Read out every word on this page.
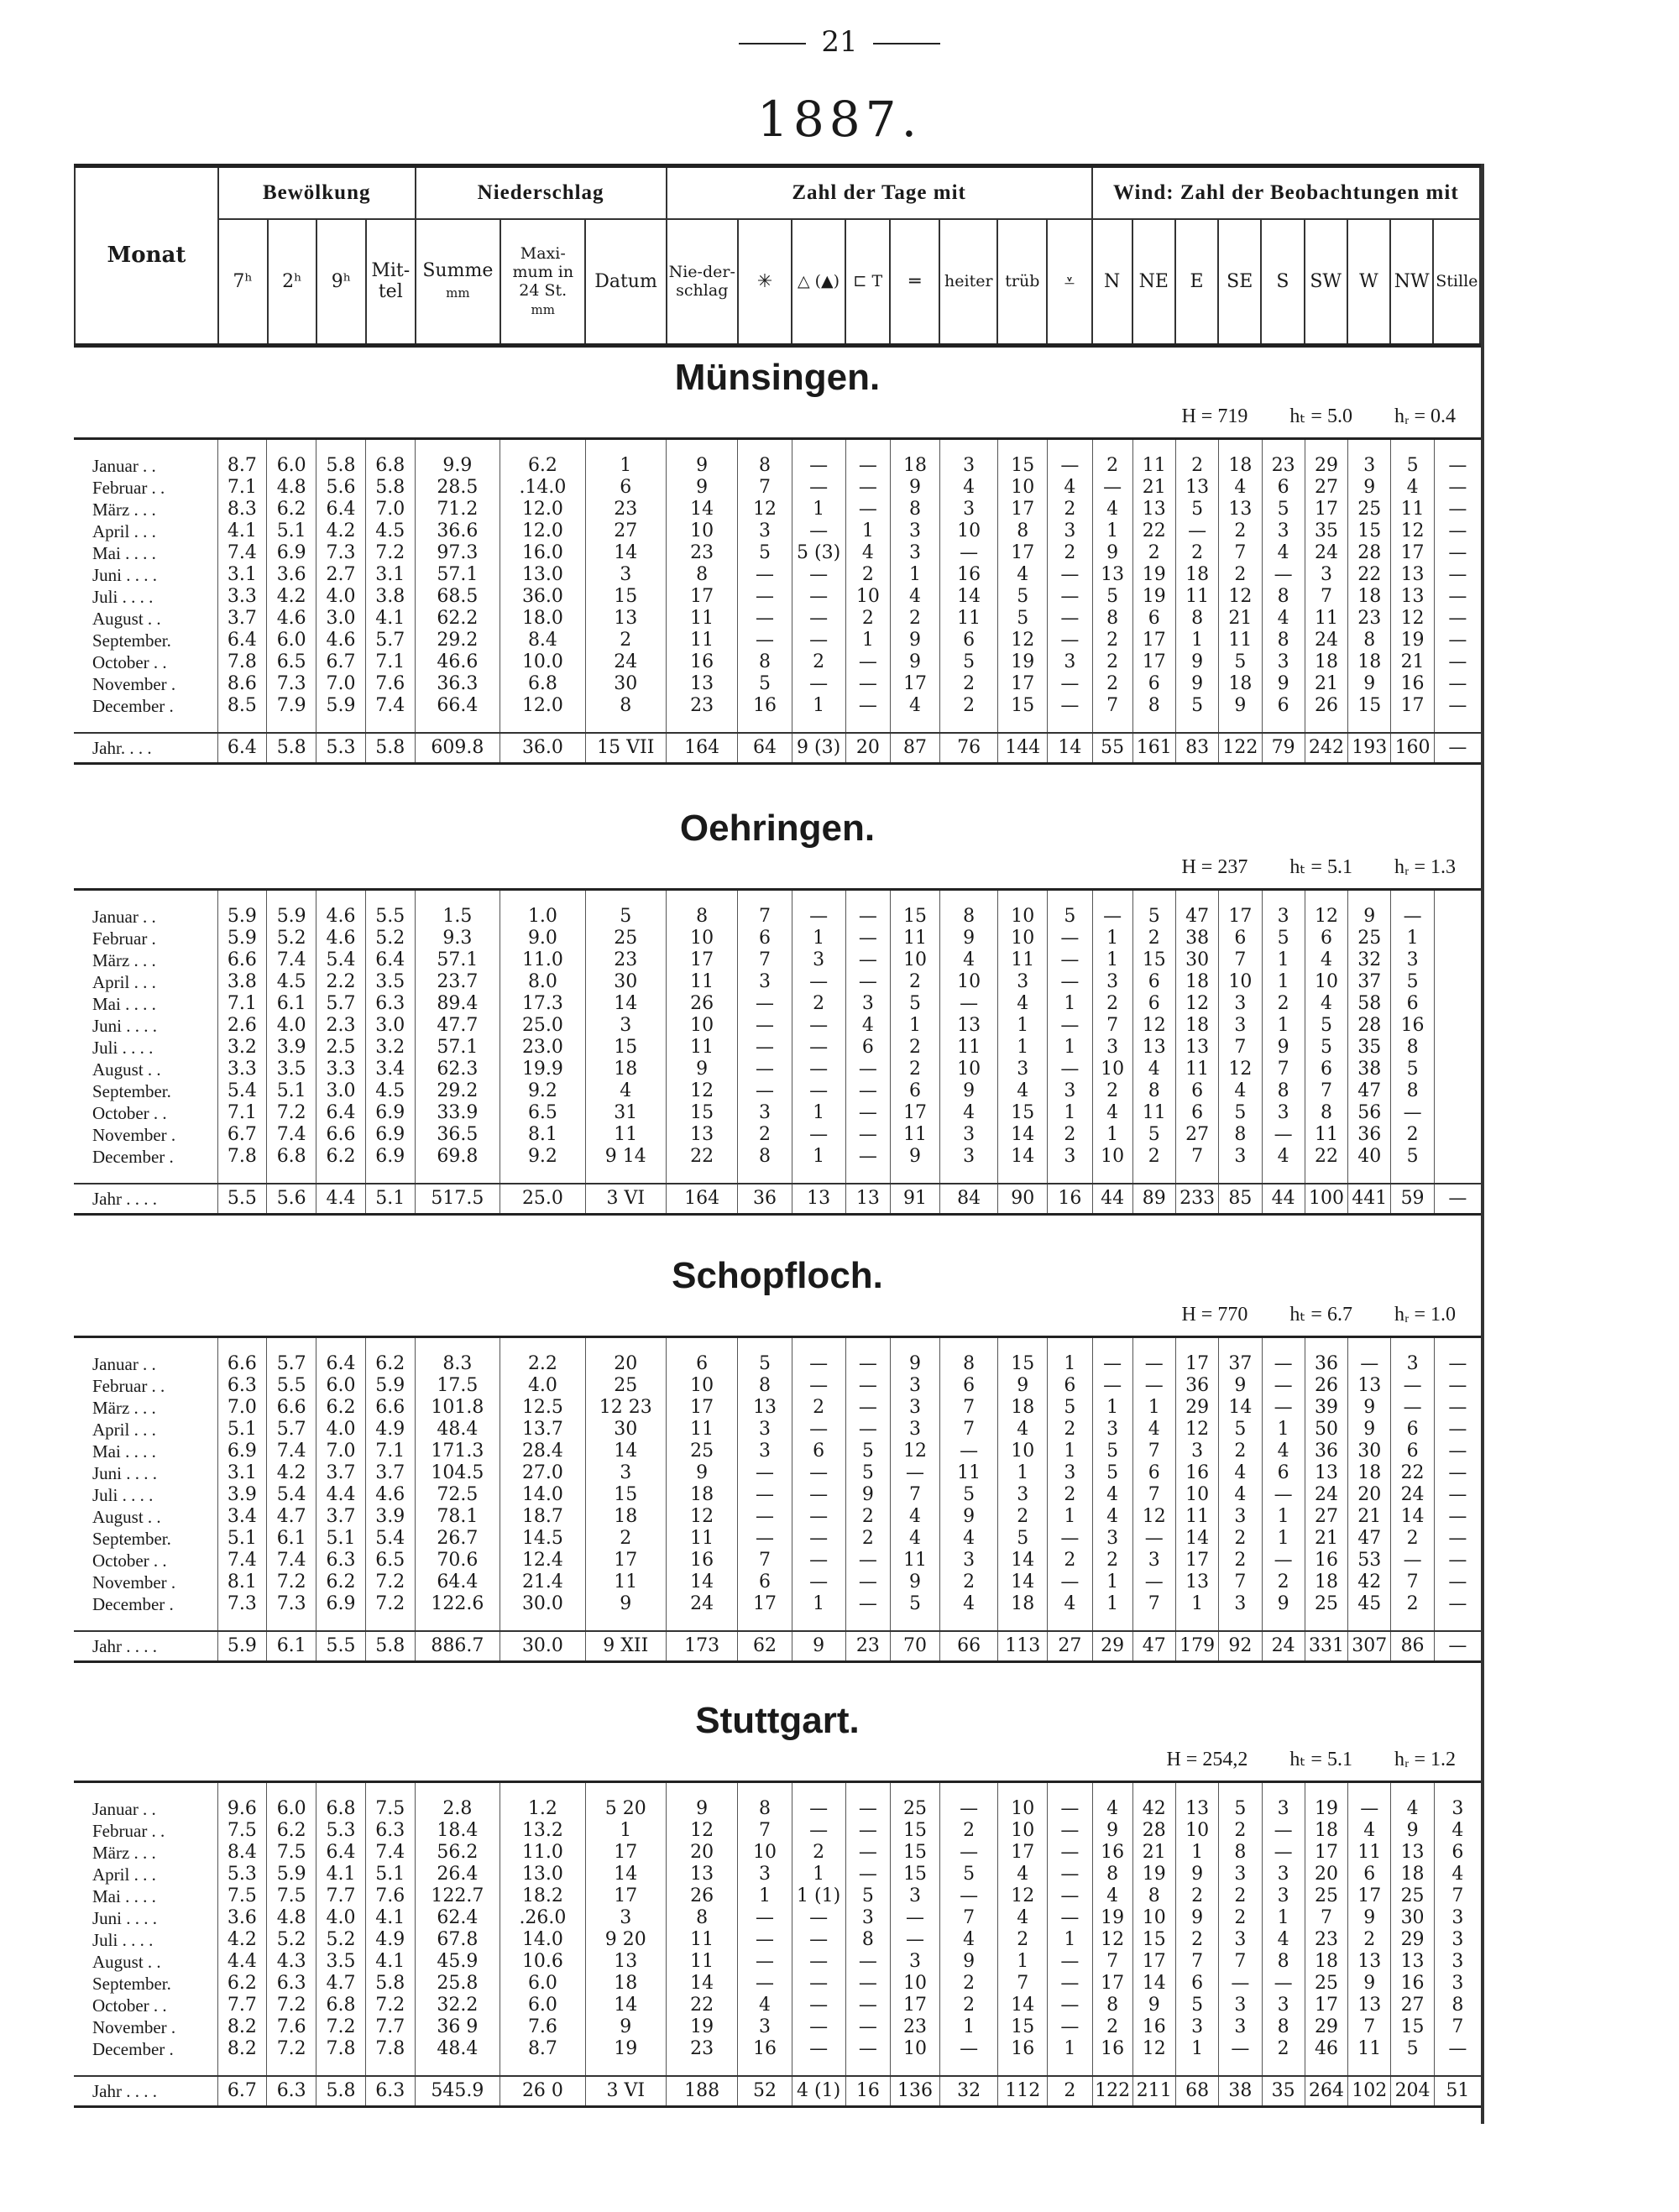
21
1887.
Monat	Bewölkung				Niederschlag			Zahl der Tage mit								Wind: Zahl der Beobachtungen mit								
	7ʰ	2ʰ	9ʰ	Mit-tel	Summe
mm	Maxi-mum in 24 St.
mm	Datum	Nie-der-schlag	✳	△ (▲)	⊏ T	═	heiter	trüb	⩡	N	NE	E	SE	S	SW	W	NW	Stille
Münsingen.
H = 719 hₜ = 5.0 hᵣ = 0.4

Januar . .	8.7	6.0	5.8	6.8	9.9	6.2	1	9	8	—	—	18	3	15	—	2	11	2	18	23	29	3	5	—
Februar . .	7.1	4.8	5.6	5.8	28.5	.14.0	6	9	7	—	—	9	4	10	4	—	21	13	4	6	27	9	4	—
März . . .	8.3	6.2	6.4	7.0	71.2	12.0	23	14	12	1	—	8	3	17	2	4	13	5	13	5	17	25	11	—
April . . .	4.1	5.1	4.2	4.5	36.6	12.0	27	10	3	—	1	3	10	8	3	1	22	—	2	3	35	15	12	—
Mai . . . .	7.4	6.9	7.3	7.2	97.3	16.0	14	23	5	5 (3)	4	3	—	17	2	9	2	2	7	4	24	28	17	—
Juni . . . .	3.1	3.6	2.7	3.1	57.1	13.0	3	8	—	—	2	1	16	4	—	13	19	18	2	—	3	22	13	—
Juli . . . .	3.3	4.2	4.0	3.8	68.5	36.0	15	17	—	—	10	4	14	5	—	5	19	11	12	8	7	18	13	—
August . .	3.7	4.6	3.0	4.1	62.2	18.0	13	11	—	—	2	2	11	5	—	8	6	8	21	4	11	23	12	—
September.	6.4	6.0	4.6	5.7	29.2	8.4	2	11	—	—	1	9	6	12	—	2	17	1	11	8	24	8	19	—
October . .	7.8	6.5	6.7	7.1	46.6	10.0	24	16	8	2	—	9	5	19	3	2	17	9	5	3	18	18	21	—
November .	8.6	7.3	7.0	7.6	36.3	6.8	30	13	5	—	—	17	2	17	—	2	6	9	18	9	21	9	16	—
December .	8.5	7.9	5.9	7.4	66.4	12.0	8	23	16	1	—	4	2	15	—	7	8	5	9	6	26	15	17	—

Jahr. . . .	6.4	5.8	5.3	5.8	609.8	36.0	15 VII	164	64	9 (3)	20	87	76	144	14	55	161	83	122	79	242	193	160	—
Oehringen.
H = 237 hₜ = 5.1 hᵣ = 1.3

Januar . .	5.9	5.9	4.6	5.5	1.5	1.0	5	8	7	—	—	15	8	10	5	—	5	47	17	3	12	9	—	
Februar .	5.9	5.2	4.6	5.2	9.3	9.0	25	10	6	1	—	11	9	10	—	1	2	38	6	5	6	25	1	
März . . .	6.6	7.4	5.4	6.4	57.1	11.0	23	17	7	3	—	10	4	11	—	1	15	30	7	1	4	32	3	
April . . .	3.8	4.5	2.2	3.5	23.7	8.0	30	11	3	—	—	2	10	3	—	3	6	18	10	1	10	37	5	
Mai . . . .	7.1	6.1	5.7	6.3	89.4	17.3	14	26	—	2	3	5	—	4	1	2	6	12	3	2	4	58	6	
Juni . . . .	2.6	4.0	2.3	3.0	47.7	25.0	3	10	—	—	4	1	13	1	—	7	12	18	3	1	5	28	16	
Juli . . . .	3.2	3.9	2.5	3.2	57.1	23.0	15	11	—	—	6	2	11	1	1	3	13	13	7	9	5	35	8	
August . .	3.3	3.5	3.3	3.4	62.3	19.9	18	9	—	—	—	2	10	3	—	10	4	11	12	7	6	38	5	
September.	5.4	5.1	3.0	4.5	29.2	9.2	4	12	—	—	—	6	9	4	3	2	8	6	4	8	7	47	8	
October . .	7.1	7.2	6.4	6.9	33.9	6.5	31	15	3	1	—	17	4	15	1	4	11	6	5	3	8	56	—	
November .	6.7	7.4	6.6	6.9	36.5	8.1	11	13	2	—	—	11	3	14	2	1	5	27	8	—	11	36	2	
December .	7.8	6.8	6.2	6.9	69.8	9.2	9 14	22	8	1	—	9	3	14	3	10	2	7	3	4	22	40	5	

Jahr . . . .	5.5	5.6	4.4	5.1	517.5	25.0	3 VI	164	36	13	13	91	84	90	16	44	89	233	85	44	100	441	59	—
Schopfloch.
H = 770 hₜ = 6.7 hᵣ = 1.0

Januar . .	6.6	5.7	6.4	6.2	8.3	2.2	20	6	5	—	—	9	8	15	1	—	—	17	37	—	36	—	3	—
Februar . .	6.3	5.5	6.0	5.9	17.5	4.0	25	10	8	—	—	3	6	9	6	—	—	36	9	—	26	13	—	—
März . . .	7.0	6.6	6.2	6.6	101.8	12.5	12 23	17	13	2	—	3	7	18	5	1	1	29	14	—	39	9	—	—
April . . .	5.1	5.7	4.0	4.9	48.4	13.7	30	11	3	—	—	3	7	4	2	3	4	12	5	1	50	9	6	—
Mai . . . .	6.9	7.4	7.0	7.1	171.3	28.4	14	25	3	6	5	12	—	10	1	5	7	3	2	4	36	30	6	—
Juni . . . .	3.1	4.2	3.7	3.7	104.5	27.0	3	9	—	—	5	—	11	1	3	5	6	16	4	6	13	18	22	—
Juli . . . .	3.9	5.4	4.4	4.6	72.5	14.0	15	18	—	—	9	7	5	3	2	4	7	10	4	—	24	20	24	—
August . .	3.4	4.7	3.7	3.9	78.1	18.7	18	12	—	—	2	4	9	2	1	4	12	11	3	1	27	21	14	—
September.	5.1	6.1	5.1	5.4	26.7	14.5	2	11	—	—	2	4	4	5	—	3	—	14	2	1	21	47	2	—
October . .	7.4	7.4	6.3	6.5	70.6	12.4	17	16	7	—	—	11	3	14	2	2	3	17	2	—	16	53	—	—
November .	8.1	7.2	6.2	7.2	64.4	21.4	11	14	6	—	—	9	2	14	—	1	—	13	7	2	18	42	7	—
December .	7.3	7.3	6.9	7.2	122.6	30.0	9	24	17	1	—	5	4	18	4	1	7	1	3	9	25	45	2	—

Jahr . . . .	5.9	6.1	5.5	5.8	886.7	30.0	9 XII	173	62	9	23	70	66	113	27	29	47	179	92	24	331	307	86	—
Stuttgart.
H = 254,2 hₜ = 5.1 hᵣ = 1.2

Januar . .	9.6	6.0	6.8	7.5	2.8	1.2	5 20	9	8	—	—	25	—	10	—	4	42	13	5	3	19	—	4	3
Februar . .	7.5	6.2	5.3	6.3	18.4	13.2	1	12	7	—	—	15	2	10	—	9	28	10	2	—	18	4	9	4
März . . .	8.4	7.5	6.4	7.4	56.2	11.0	17	20	10	2	—	15	—	17	—	16	21	1	8	—	17	11	13	6
April . . .	5.3	5.9	4.1	5.1	26.4	13.0	14	13	3	1	—	15	5	4	—	8	19	9	3	3	20	6	18	4
Mai . . . .	7.5	7.5	7.7	7.6	122.7	18.2	17	26	1	1 (1)	5	3	—	12	—	4	8	2	2	3	25	17	25	7
Juni . . . .	3.6	4.8	4.0	4.1	62.4	.26.0	3	8	—	—	3	—	7	4	—	19	10	9	2	1	7	9	30	3
Juli . . . .	4.2	5.2	5.2	4.9	67.8	14.0	9 20	11	—	—	8	—	4	2	1	12	15	2	3	4	23	2	29	3
August . .	4.4	4.3	3.5	4.1	45.9	10.6	13	11	—	—	—	3	9	1	—	7	17	7	7	8	18	13	13	3
September.	6.2	6.3	4.7	5.8	25.8	6.0	18	14	—	—	—	10	2	7	—	17	14	6	—	—	25	9	16	3
October . .	7.7	7.2	6.8	7.2	32.2	6.0	14	22	4	—	—	17	2	14	—	8	9	5	3	3	17	13	27	8
November .	8.2	7.6	7.2	7.7	36 9	7.6	9	19	3	—	—	23	1	15	—	2	16	3	3	8	29	7	15	7
December .	8.2	7.2	7.8	7.8	48.4	8.7	19	23	16	—	—	10	—	16	1	16	12	1	—	2	46	11	5	—

Jahr . . . .	6.7	6.3	5.8	6.3	545.9	26 0	3 VI	188	52	4 (1)	16	136	32	112	2	122	211	68	38	35	264	102	204	51
